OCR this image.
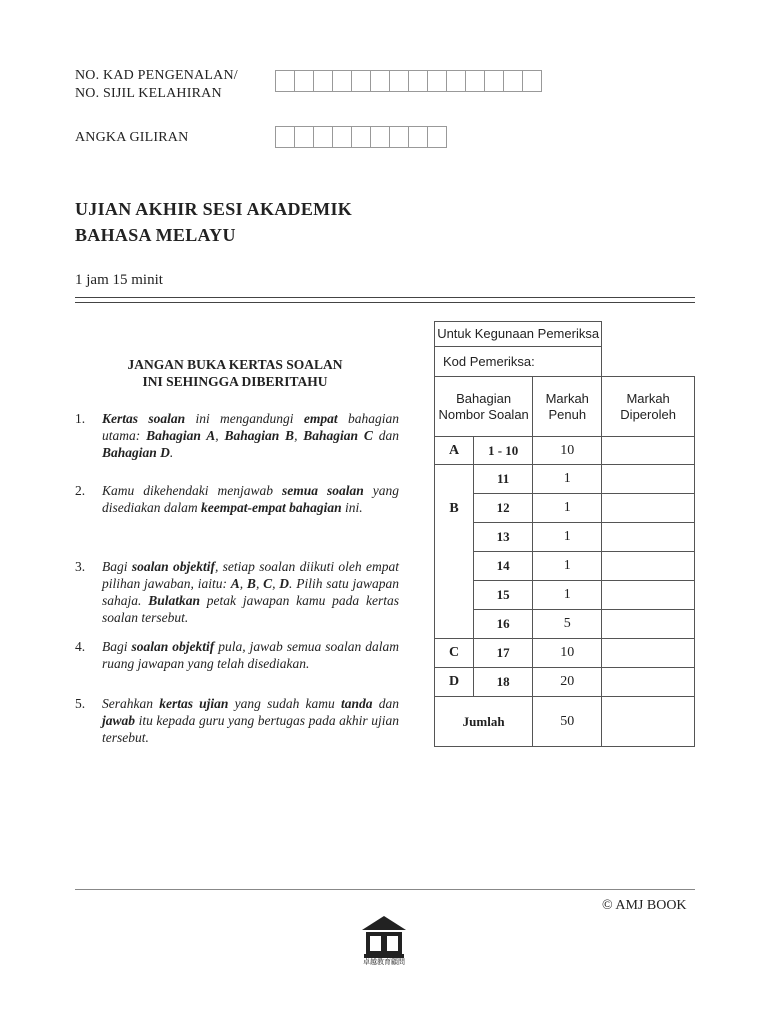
NO. KAD PENGENALAN/
NO. SIJIL KELAHIRAN
ANGKA GILIRAN
UJIAN AKHIR SESI AKADEMIK
BAHASA MELAYU
1 jam 15 minit
JANGAN BUKA KERTAS SOALAN
INI SEHINGGA DIBERITAHU
1. Kertas soalan ini mengandungi empat bahagian utama: Bahagian A, Bahagian B, Bahagian C dan Bahagian D.
2. Kamu dikehendaki menjawab semua soalan yang disediakan dalam keempat-empat bahagian ini.
3. Bagi soalan objektif, setiap soalan diikuti oleh empat pilihan jawaban, iaitu: A, B, C, D. Pilih satu jawapan sahaja. Bulatkan petak jawapan kamu pada kertas soalan tersebut.
4. Bagi soalan objektif pula, jawab semua soalan dalam ruang jawapan yang telah disediakan.
5. Serahkan kertas ujian yang sudah kamu tanda dan jawab itu kepada guru yang bertugas pada akhir ujian tersebut.
Untuk Kegunaan Pemeriksa			
Kod Pemeriksa:			
Bahagian Nombor Soalan		Markah Penuh	Markah Diperoleh
A	1 - 10	10	
B	11	1	
	12	1	
	13	1	
	14	1	
	15	1	
	16	5	
C	17	10	
D	18	20	
Jumlah		50	
© AMJ BOOK
卓越教育顧問
